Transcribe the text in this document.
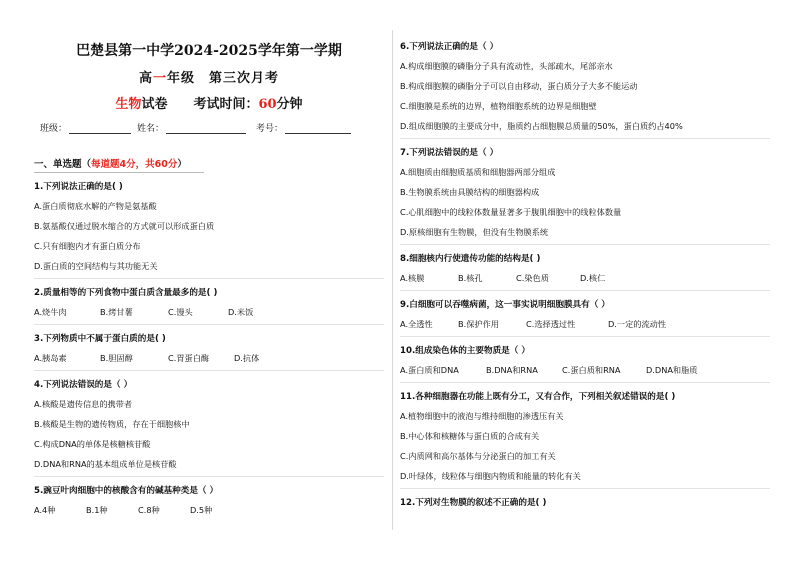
巴楚县第一中学2024-2025学年第一学期
高一年级　第三次月考
生物试卷　　考试时间：60分钟
班级：	姓名：	考号：
一、单选题（每道题4分，共60分）
1.下列说法正确的是( )
A.蛋白质彻底水解的产物是氨基酸
B.氨基酸仅通过脱水缩合的方式就可以形成蛋白质
C.只有细胞内才有蛋白质分布
D.蛋白质的空间结构与其功能无关
2.质量相等的下列食物中蛋白质含量最多的是( )
A.烧牛肉	B.烤甘薯	C.馒头	D.米饭
3.下列物质中不属于蛋白质的是( )
A.胰岛素	B.胆固醇	C.胃蛋白酶	D.抗体
4.下列说法错误的是（ ）
A.核酸是遗传信息的携带者
B.核酸是生物的遗传物质，存在于细胞核中
C.构成DNA的单体是核糖核苷酸
D.DNA和RNA的基本组成单位是核苷酸
5.豌豆叶肉细胞中的核酸含有的碱基种类是（ ）
A.4种	B.1种	C.8种	D.5种
6.下列说法正确的是（ ）
A.构成细胞膜的磷脂分子具有流动性，头部疏水，尾部亲水
B.构成细胞膜的磷脂分子可以自由移动，蛋白质分子大多不能运动
C.细胞膜是系统的边界，植物细胞系统的边界是细胞壁
D.组成细胞膜的主要成分中，脂质约占细胞膜总质量的50%，蛋白质约占40%
7.下列说法错误的是（ ）
A.细胞质由细胞质基质和细胞器两部分组成
B.生物膜系统由具膜结构的细胞器构成
C.心肌细胞中的线粒体数量显著多于腹肌细胞中的线粒体数量
D.原核细胞有生物膜，但没有生物膜系统
8.细胞核内行使遗传功能的结构是( )
A.核膜	B.核孔	C.染色质	D.核仁
9.白细胞可以吞噬病菌，这一事实说明细胞膜具有（ ）
A.全透性	B.保护作用	C.选择透过性	D.一定的流动性
10.组成染色体的主要物质是（ ）
A.蛋白质和DNA	B.DNA和RNA	C.蛋白质和RNA	D.DNA和脂质
11.各种细胞器在功能上既有分工，又有合作，下列相关叙述错误的是( )
A.植物细胞中的液泡与维持细胞的渗透压有关
B.中心体和核糖体与蛋白质的合成有关
C.内质网和高尔基体与分泌蛋白的加工有关
D.叶绿体，线粒体与细胞内物质和能量的转化有关
12.下列对生物膜的叙述不正确的是( )
